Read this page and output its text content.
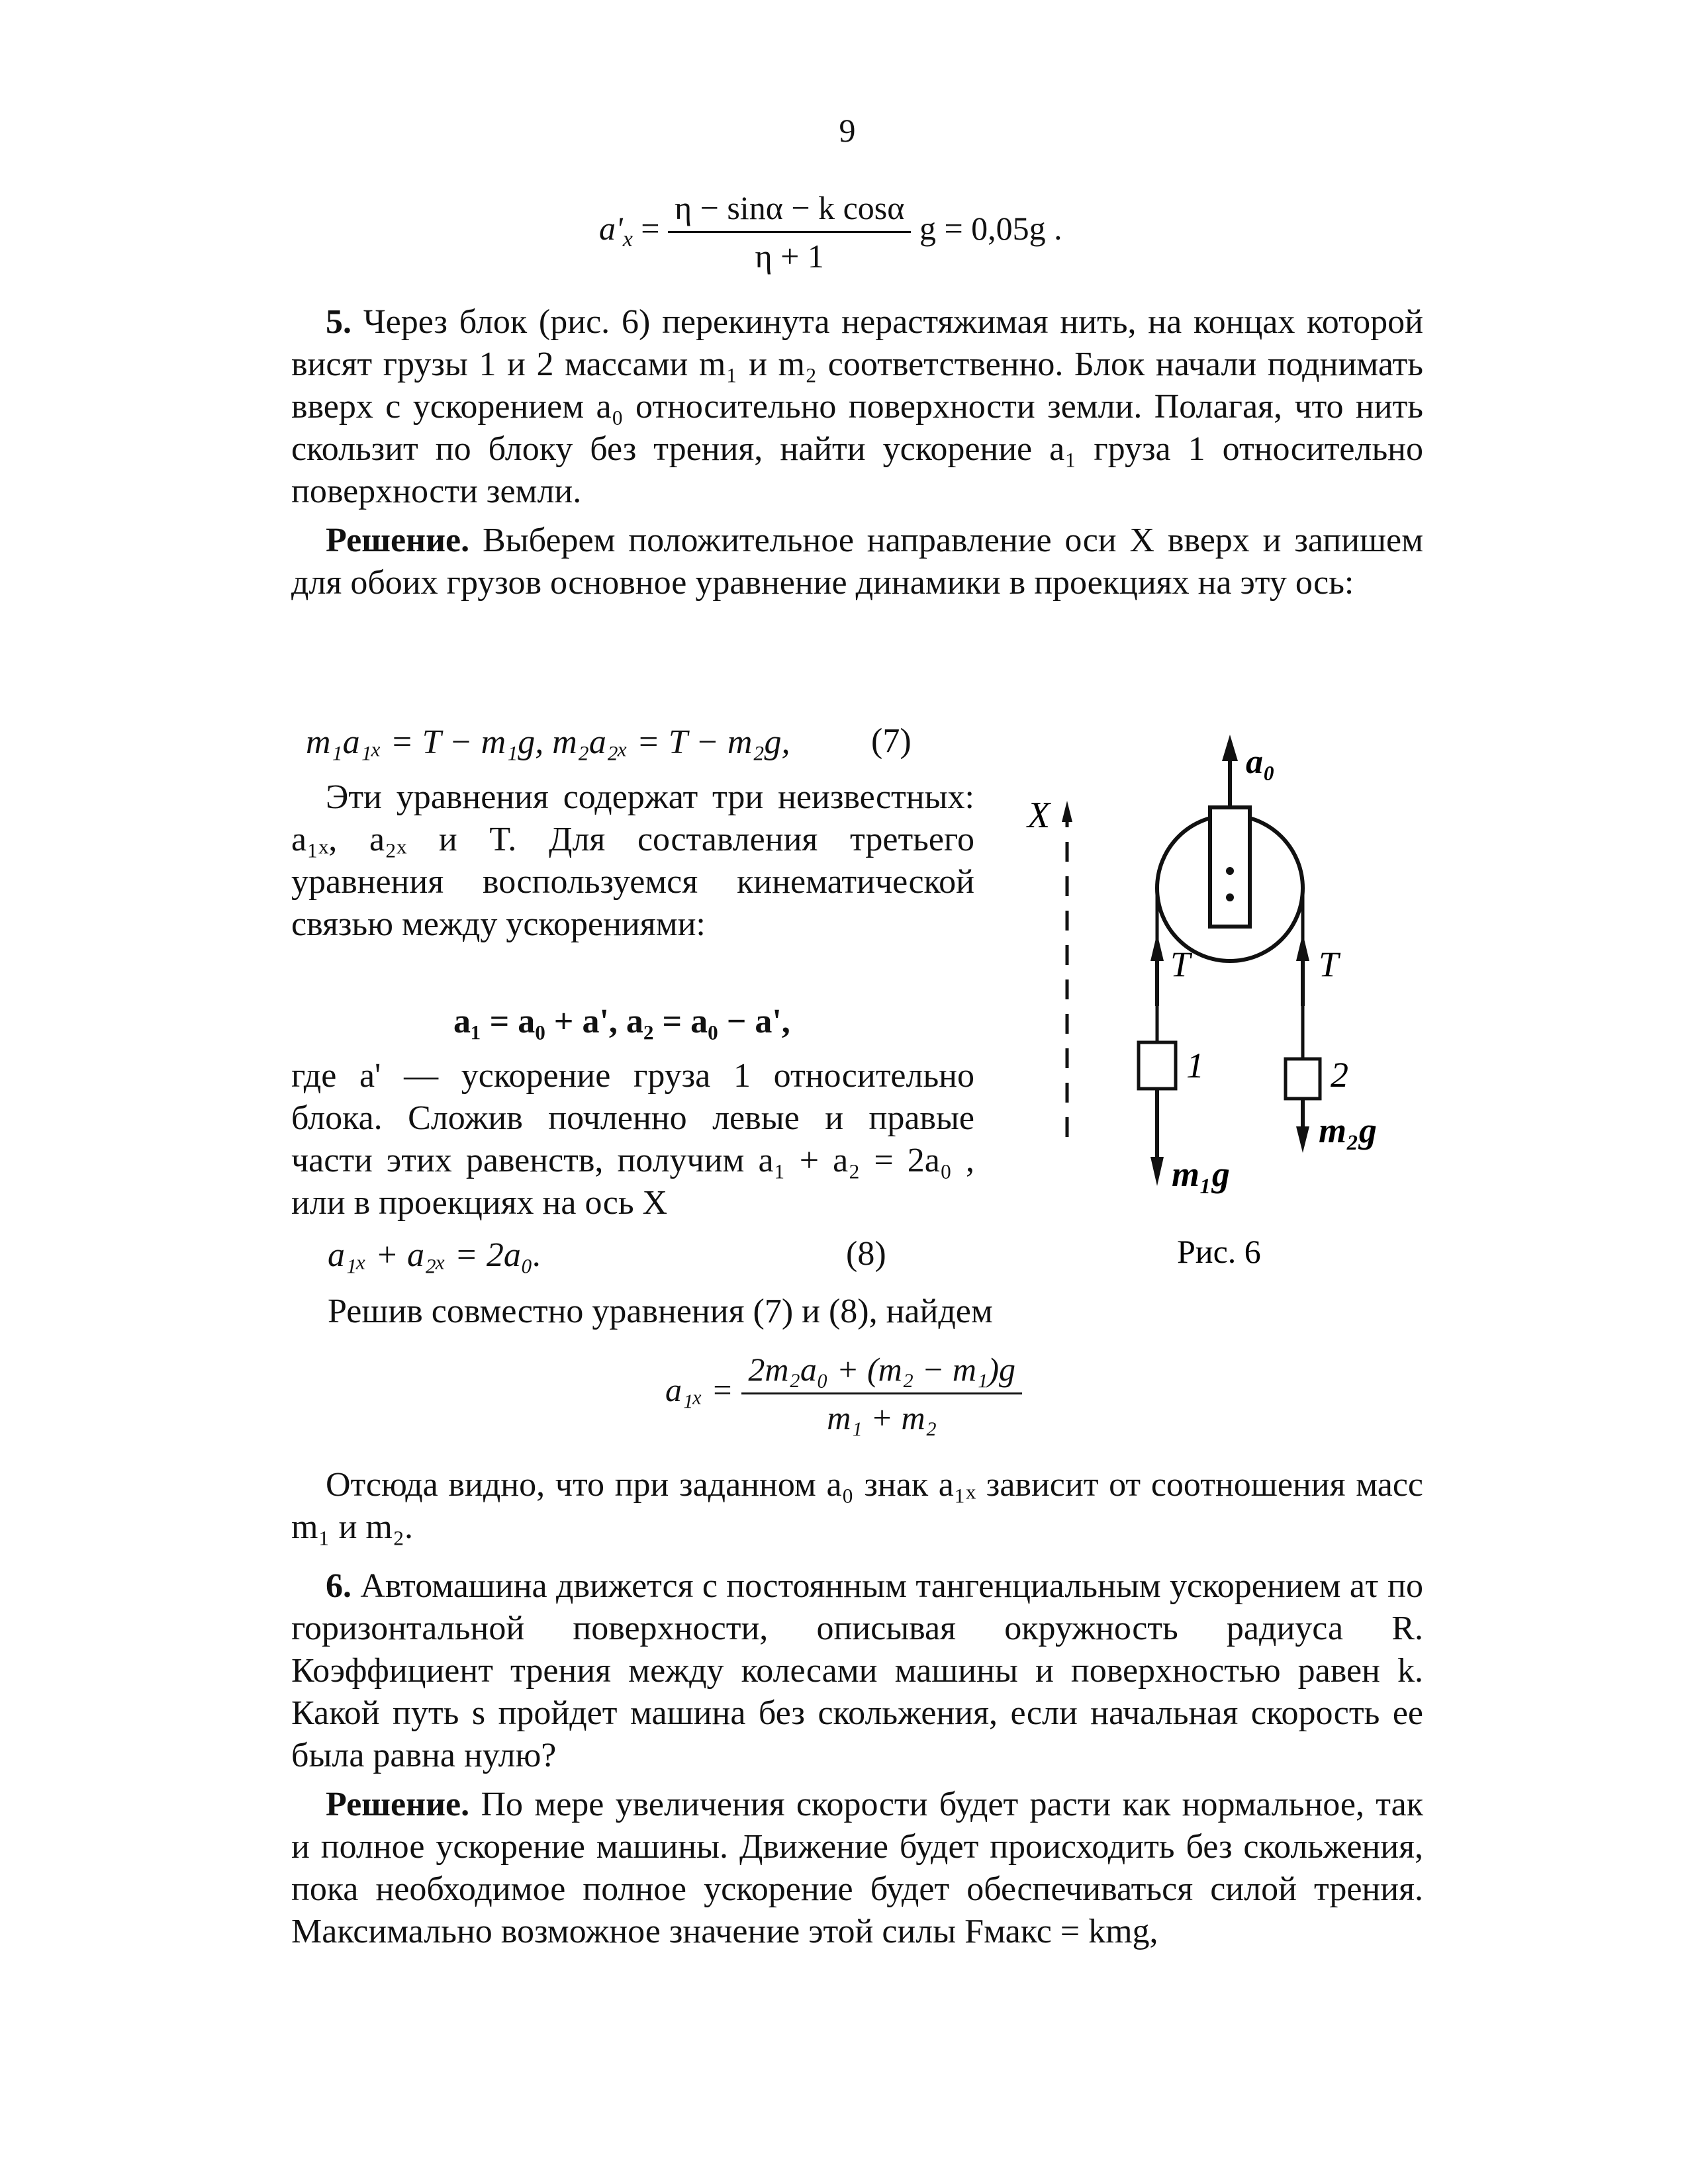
9
$a'_x = \frac{\text{η − sinα − k cosα}}{\eta + 1}$ g = 0,05g .

5. Через блок (рис. 6) перекинута нерастяжимая нить, на концах которой висят грузы 1 и 2 массами m₁ и m₂ соответственно. Блок начали поднимать вверх с ускорением a₀ относительно поверхности земли. Полагая, что нить скользит по блоку без трения, найти ускорение a₁ груза 1 относительно поверхности земли.

Решение. Выберем положительное направление оси X вверх и запишем для обоих грузов основное уравнение динамики в проекциях на эту ось:

m₁a₁ₓ = T − m₁g, m₂a₂ₓ = T − m₂g, (7)

Эти уравнения содержат три неизвестных: a₁ₓ, a₂ₓ и T. Для составления третьего уравнения воспользуемся кинематической связью между ускорениями:

a₁ = a₀ + a', a₂ = a₀ − a',

где a' — ускорение груза 1 относительно блока. Сложив почленно левые и правые части этих равенств, получим a₁ + a₂ = 2a₀ , или в проекциях на ось X

a₁ₓ + a₂ₓ = 2a₀.	(8)
X
a₀
T	T
1	2
m₁g
m₂g
Рис. 6
Решив совместно уравнения (7) и (8), найдем
$a_{1x} = \frac{\text{2m₂a₀ + (m₂ − m₁)g}}{\text{m₁ + m₂}}$

Отсюда видно, что при заданном a₀ знак a₁ₓ зависит от соотношения масс m₁ и m₂.

6. Автомашина движется с постоянным тангенциальным ускорением aτ по горизонтальной поверхности, описывая окружность радиуса R. Коэффициент трения между колесами машины и поверхностью равен k. Какой путь s пройдет машина без скольжения, если начальная скорость ее была равна нулю?

Решение. По мере увеличения скорости будет расти как нормальное, так и полное ускорение машины. Движение будет происходить без скольжения, пока необходимое полное ускорение будет обеспечиваться силой трения. Максимально возможное значение этой силы Fмакс = kmg,
